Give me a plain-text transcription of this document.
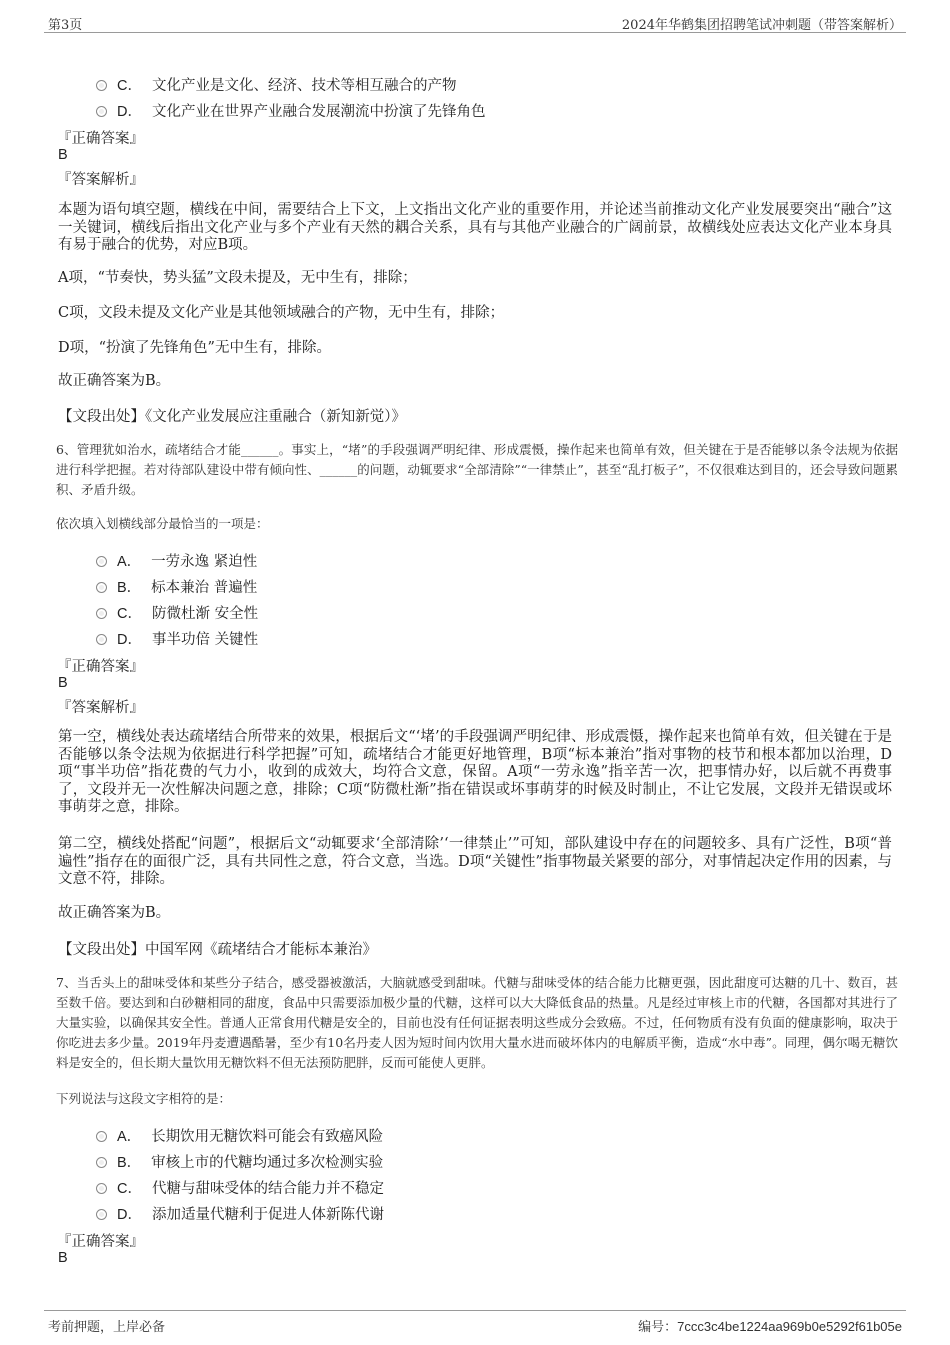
第3页	2024年华鹤集团招聘笔试冲刺题（带答案解析）
C． 文化产业是文化、经济、技术等相互融合的产物
D． 文化产业在世界产业融合发展潮流中扮演了先锋角色
『正确答案』
B
『答案解析』
本题为语句填空题，横线在中间，需要结合上下文，上文指出文化产业的重要作用，并论述当前推动文化产业发展要突出“融合”这一关键词，横线后指出文化产业与多个产业有天然的耦合关系，具有与其他产业融合的广阔前景，故横线处应表达文化产业本身具有易于融合的优势，对应B项。
A项，“节奏快，势头猛”文段未提及，无中生有，排除；
C项，文段未提及文化产业是其他领域融合的产物，无中生有，排除；
D项，“扮演了先锋角色”无中生有，排除。
故正确答案为B。
【文段出处】《文化产业发展应注重融合（新知新觉）》
6、管理犹如治水，疏堵结合才能______。事实上，“堵”的手段强调严明纪律、形成震慑，操作起来也简单有效，但关键在于是否能够以条令法规为依据进行科学把握。若对待部队建设中带有倾向性、______的问题，动辄要求“全部清除”“一律禁止”，甚至“乱打板子”，不仅很难达到目的，还会导致问题累积、矛盾升级。
依次填入划横线部分最恰当的一项是：
A． 一劳永逸 紧迫性
B． 标本兼治 普遍性
C． 防微杜渐 安全性
D． 事半功倍 关键性
『正确答案』
B
『答案解析』
第一空，横线处表达疏堵结合所带来的效果，根据后文“‘堵’的手段强调严明纪律、形成震慑，操作起来也简单有效，但关键在于是否能够以条令法规为依据进行科学把握”可知，疏堵结合才能更好地管理，B项“标本兼治”指对事物的枝节和根本都加以治理，D项“事半功倍”指花费的气力小，收到的成效大，均符合文意，保留。A项“一劳永逸”指辛苦一次，把事情办好，以后就不再费事了，文段并无一次性解决问题之意，排除；C项“防微杜渐”指在错误或坏事萌芽的时候及时制止，不让它发展，文段并无错误或坏事萌芽之意，排除。
第二空，横线处搭配“问题”，根据后文“动辄要求‘全部清除’‘一律禁止’”可知，部队建设中存在的问题较多、具有广泛性，B项“普遍性”指存在的面很广泛，具有共同性之意，符合文意，当选。D项“关键性”指事物最关紧要的部分，对事情起决定作用的因素，与文意不符，排除。
故正确答案为B。
【文段出处】中国军网《疏堵结合才能标本兼治》
7、当舌头上的甜味受体和某些分子结合，感受器被激活，大脑就感受到甜味。代糖与甜味受体的结合能力比糖更强，因此甜度可达糖的几十、数百，甚至数千倍。要达到和白砂糖相同的甜度，食品中只需要添加极少量的代糖，这样可以大大降低食品的热量。凡是经过审核上市的代糖，各国都对其进行了大量实验，以确保其安全性。普通人正常食用代糖是安全的，目前也没有任何证据表明这些成分会致癌。不过，任何物质有没有负面的健康影响，取决于你吃进去多少量。2019年丹麦遭遇酷暑，至少有10名丹麦人因为短时间内饮用大量水进而破坏体内的电解质平衡，造成“水中毒”。同理，偶尔喝无糖饮料是安全的，但长期大量饮用无糖饮料不但无法预防肥胖，反而可能使人更胖。
下列说法与这段文字相符的是：
A． 长期饮用无糖饮料可能会有致癌风险
B． 审核上市的代糖均通过多次检测实验
C． 代糖与甜味受体的结合能力并不稳定
D． 添加适量代糖利于促进人体新陈代谢
『正确答案』
B
考前押题，上岸必备	编号：7ccc3c4be1224aa969b0e5292f61b05e
